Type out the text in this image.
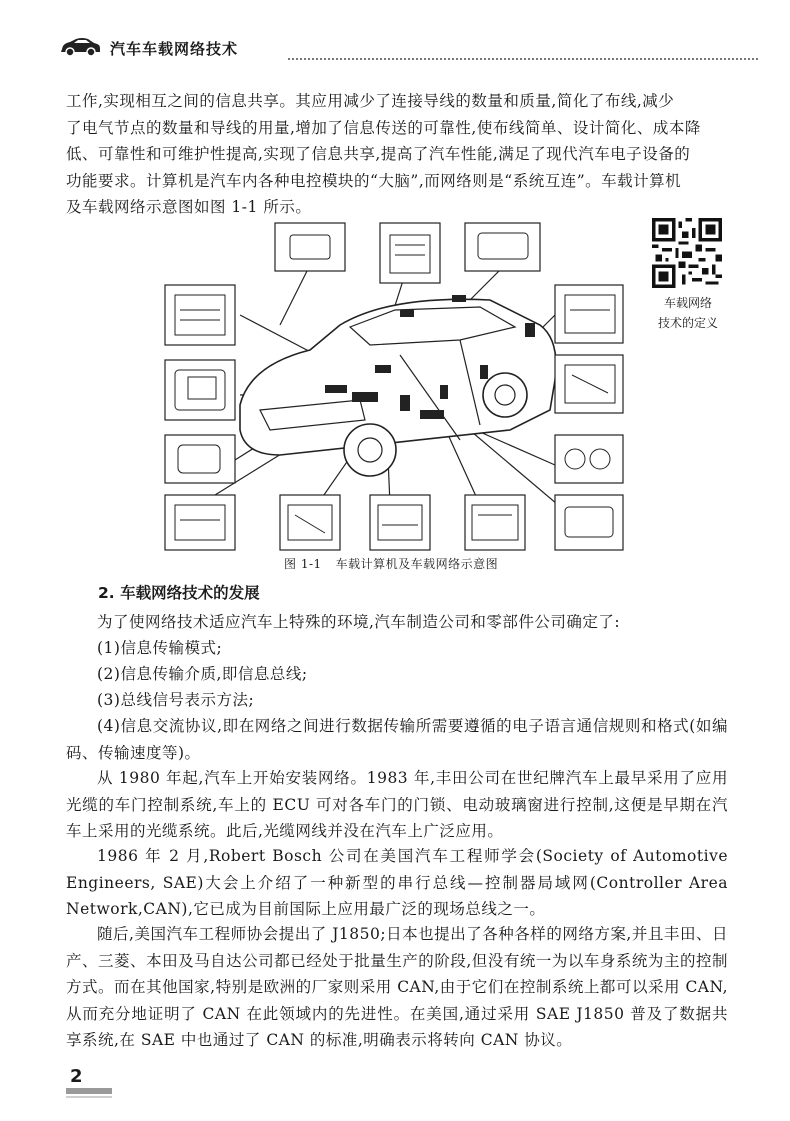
汽车车载网络技术
工作,实现相互之间的信息共享。其应用减少了连接导线的数量和质量,简化了布线,减少
了电气节点的数量和导线的用量,增加了信息传送的可靠性,使布线简单、设计简化、成本降
低、可靠性和可维护性提高,实现了信息共享,提高了汽车性能,满足了现代汽车电子设备的
功能要求。计算机是汽车内各种电控模块的“大脑”,而网络则是“系统互连”。车载计算机
及车载网络示意图如图 1-1 所示。
图 1-1 车载计算机及车载网络示意图
车载网络
技术的定义
2. 车载网络技术的发展

为了使网络技术适应汽车上特殊的环境,汽车制造公司和零部件公司确定了:

(1)信息传输模式;

(2)信息传输介质,即信息总线;

(3)总线信号表示方法;

(4)信息交流协议,即在网络之间进行数据传输所需要遵循的电子语言通信规则和格式(如编码、传输速度等)。

从 1980 年起,汽车上开始安装网络。1983 年,丰田公司在世纪牌汽车上最早采用了应用光缆的车门控制系统,车上的 ECU 可对各车门的门锁、电动玻璃窗进行控制,这便是早期在汽车上采用的光缆系统。此后,光缆网线并没在汽车上广泛应用。

1986 年 2 月,Robert Bosch 公司在美国汽车工程师学会(Society of Automotive Engineers, SAE)大会上介绍了一种新型的串行总线—控制器局域网(Controller Area Network,CAN),它已成为目前国际上应用最广泛的现场总线之一。

随后,美国汽车工程师协会提出了 J1850;日本也提出了各种各样的网络方案,并且丰田、日产、三菱、本田及马自达公司都已经处于批量生产的阶段,但没有统一为以车身系统为主的控制方式。而在其他国家,特别是欧洲的厂家则采用 CAN,由于它们在控制系统上都可以采用 CAN,从而充分地证明了 CAN 在此领域内的先进性。在美国,通过采用 SAE J1850 普及了数据共享系统,在 SAE 中也通过了 CAN 的标准,明确表示将转向 CAN 协议。

2
